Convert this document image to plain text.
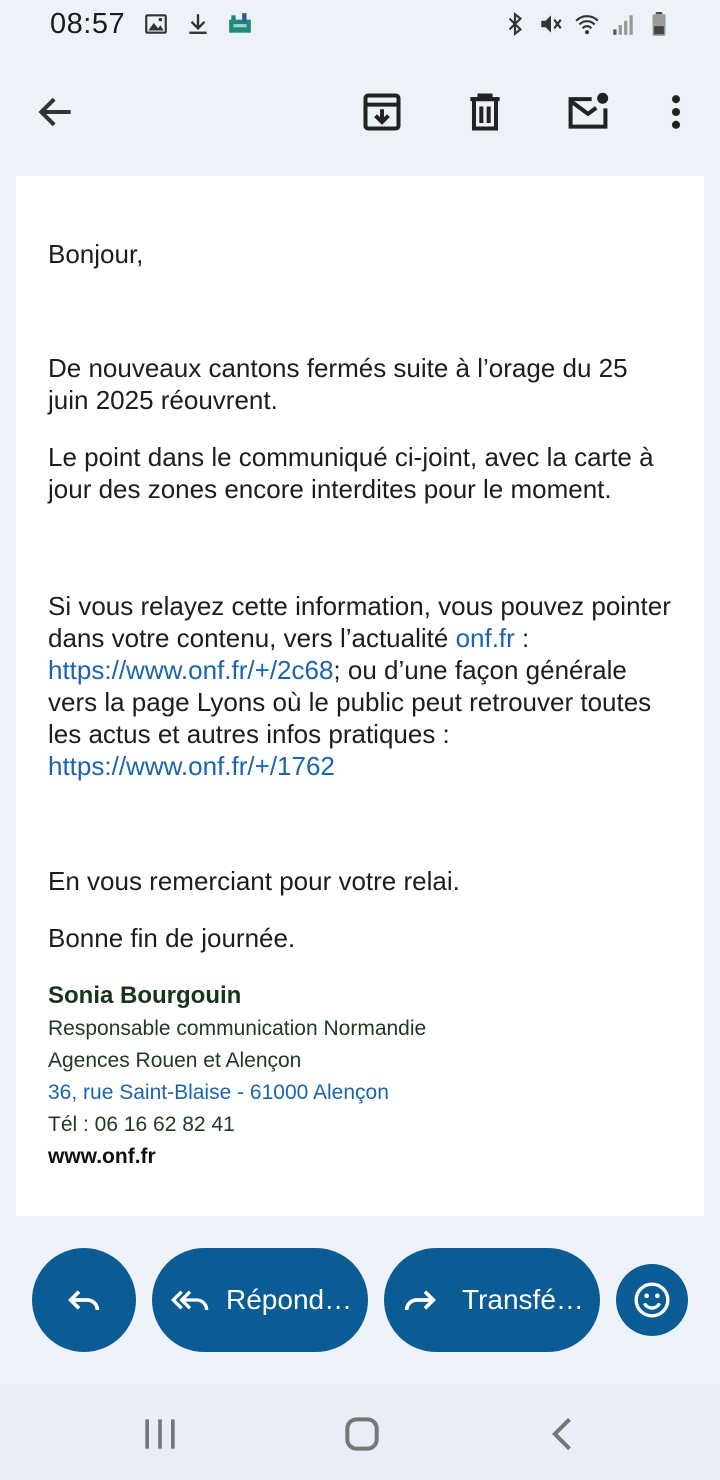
08:57

Bonjour,

De nouveaux cantons fermés suite à l’orage du 25 juin 2025 réouvrent.

Le point dans le communiqué ci-joint, avec la carte à jour des zones encore interdites pour le moment.

Si vous relayez cette information, vous pouvez pointer dans votre contenu, vers l’actualité onf.fr : https://www.onf.fr/+/2c68; ou d’une façon générale vers la page Lyons où le public peut retrouver toutes les actus et autres infos pratiques : https://www.onf.fr/+/1762

En vous remerciant pour votre relai.

Bonne fin de journée.

Sonia Bourgouin

Responsable communication Normandie

Agences Rouen et Alençon

36, rue Saint-Blaise - 61000 Alençon

Tél : 06 16 62 82 41

www.onf.fr

Répond…	Transfé…
